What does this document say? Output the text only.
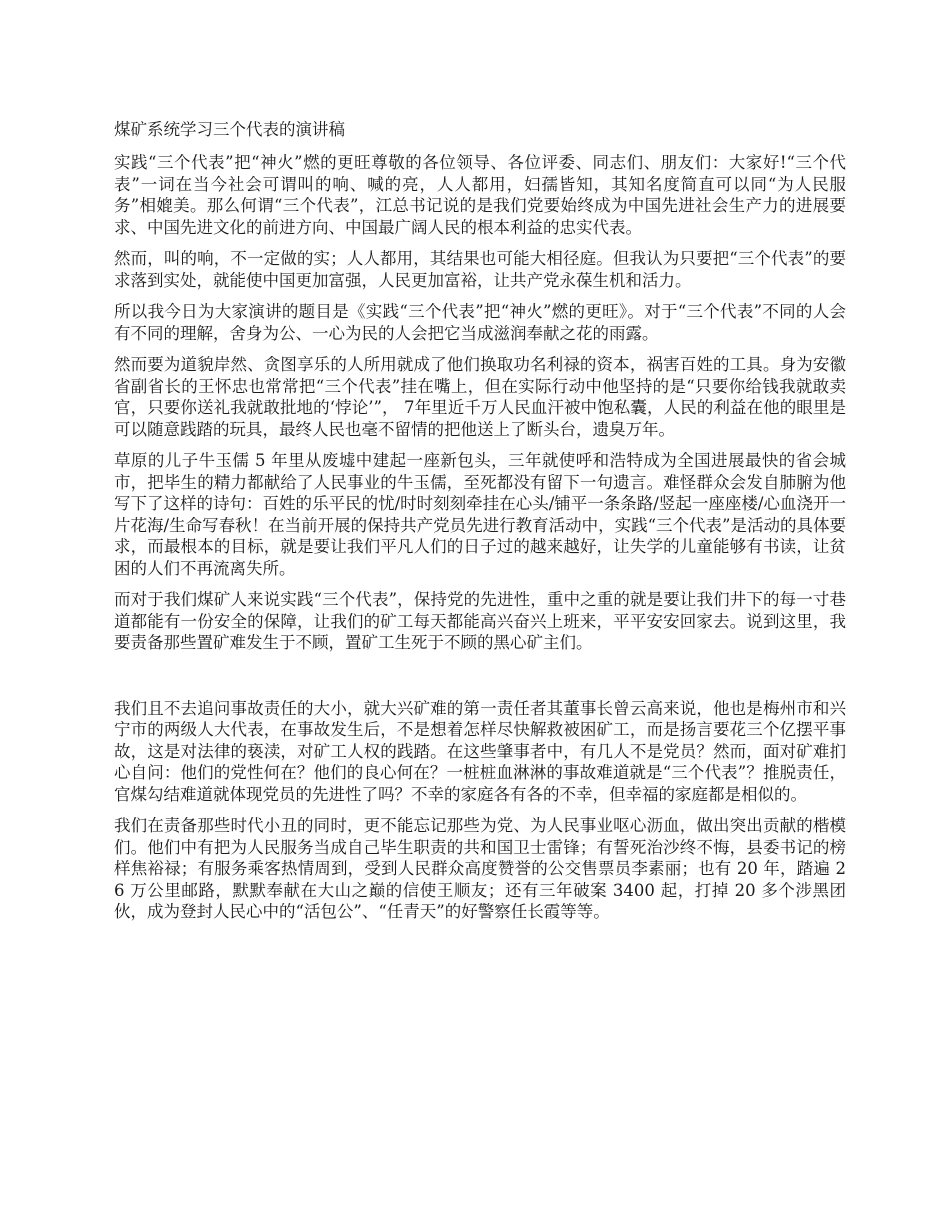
煤矿系统学习三个代表的演讲稿

实践“三个代表”把“神火”燃的更旺尊敬的各位领导、各位评委、同志们、朋友们：大家好!“三个代表”一词在当今社会可谓叫的响、喊的亮，人人都用，妇孺皆知，其知名度简直可以同“为人民服务”相媲美。那么何谓“三个代表”，江总书记说的是我们党要始终成为中国先进社会生产力的进展要求、中国先进文化的前进方向、中国最广阔人民的根本利益的忠实代表。

然而，叫的响，不一定做的实；人人都用，其结果也可能大相径庭。但我认为只要把“三个代表”的要求落到实处，就能使中国更加富强，人民更加富裕，让共产党永葆生机和活力。

所以我今日为大家演讲的题目是《实践“三个代表”把“神火”燃的更旺》。对于“三个代表”不同的人会有不同的理解，舍身为公、一心为民的人会把它当成滋润奉献之花的雨露。

然而要为道貌岸然、贪图享乐的人所用就成了他们换取功名利禄的资本，祸害百姓的工具。身为安徽省副省长的王怀忠也常常把“三个代表”挂在嘴上，但在实际行动中他坚持的是“只要你给钱我就敢卖官，只要你送礼我就敢批地的‘悖论’”， 7年里近千万人民血汗被中饱私囊，人民的利益在他的眼里是可以随意践踏的玩具，最终人民也毫不留情的把他送上了断头台，遗臭万年。

草原的儿子牛玉儒 5 年里从废墟中建起一座新包头，三年就使呼和浩特成为全国进展最快的省会城市，把毕生的精力都献给了人民事业的牛玉儒，至死都没有留下一句遗言。难怪群众会发自肺腑为他写下了这样的诗句：百姓的乐平民的忧/时时刻刻牵挂在心头/铺平一条条路/竖起一座座楼/心血浇开一片花海/生命写春秋！在当前开展的保持共产党员先进行教育活动中，实践“三个代表”是活动的具体要求，而最根本的目标，就是要让我们平凡人们的日子过的越来越好，让失学的儿童能够有书读，让贫困的人们不再流离失所。

而对于我们煤矿人来说实践“三个代表”，保持党的先进性，重中之重的就是要让我们井下的每一寸巷道都能有一份安全的保障，让我们的矿工每天都能高兴奋兴上班来，平平安安回家去。说到这里，我要责备那些置矿难发生于不顾，置矿工生死于不顾的黑心矿主们。

我们且不去追问事故责任的大小，就大兴矿难的第一责任者其董事长曾云高来说，他也是梅州市和兴宁市的两级人大代表，在事故发生后，不是想着怎样尽快解救被困矿工，而是扬言要花三个亿摆平事故，这是对法律的亵渎，对矿工人权的践踏。在这些肇事者中，有几人不是党员？然而，面对矿难扪心自问：他们的党性何在？他们的良心何在？一桩桩血淋淋的事故难道就是“三个代表”？推脱责任，官煤勾结难道就体现党员的先进性了吗？不幸的家庭各有各的不幸，但幸福的家庭都是相似的。

我们在责备那些时代小丑的同时，更不能忘记那些为党、为人民事业呕心沥血，做出突出贡献的楷模们。他们中有把为人民服务当成自己毕生职责的共和国卫士雷锋；有誓死治沙终不悔，县委书记的榜样焦裕禄；有服务乘客热情周到，受到人民群众高度赞誉的公交售票员李素丽；也有 20 年，踏遍 26 万公里邮路，默默奉献在大山之巅的信使王顺友；还有三年破案 3400 起，打掉 20 多个涉黑团伙，成为登封人民心中的“活包公”、“任青天”的好警察任长霞等等。
